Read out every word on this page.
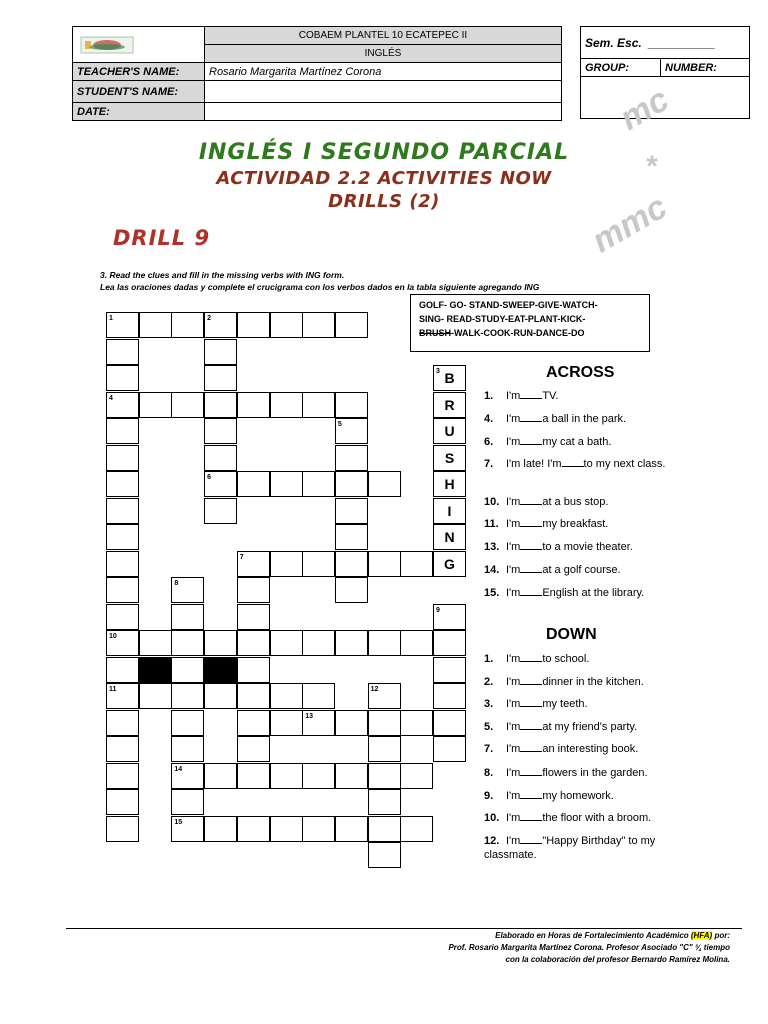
	COBAEM PLANTEL 10 ECATEPEC II
	INGLÉS
TEACHER'S NAME:	Rosario Margarita Martínez Corona
STUDENT'S NAME:	
DATE:	
Sem. Esc. __________
GROUP:	NUMBER:

mc
*
mmc
INGLÉS I SEGUNDO PARCIAL
ACTIVIDAD 2.2 ACTIVITIES NOW
DRILLS (2)
DRILL 9
3. Read the clues and fill in the missing verbs with ING form.
Lea las oraciones dadas y complete el crucigrama con los verbos dados en la tabla siguiente agregando ING
GOLF- GO- STAND-SWEEP-GIVE-WATCH-
SING- READ-STUDY-EAT-PLANT-KICK-
BRUSH-WALK-COOK-RUN-DANCE-DO
1	2
3
4
5
6
7
8
9
10
11	12
13
14
15
B
R
U
S
H
I
N
G
ACROSS
1. I'm TV.
4. I'm a ball in the park.
6. I'm my cat a bath.
7. I'm late! I'm to my next class.
10. I'm at a bus stop.
11. I'm my breakfast.
13. I'm to a movie theater.
14. I'm at a golf course.
15. I'm English at the library.
DOWN
1. I'm to school.
2. I'm dinner in the kitchen.
3. I'm my teeth.
5. I'm at my friend's party.
7. I'm an interesting book.
8. I'm flowers in the garden.
9. I'm my homework.
10. I'm the floor with a broom.
12. I'm "Happy Birthday" to my classmate.
Elaborado en Horas de Fortalecimiento Académico (HFA) por:
Prof. Rosario Margarita Martínez Corona. Profesor Asociado "C" ¾ tiempo
con la colaboración del profesor Bernardo Ramírez Molina.
